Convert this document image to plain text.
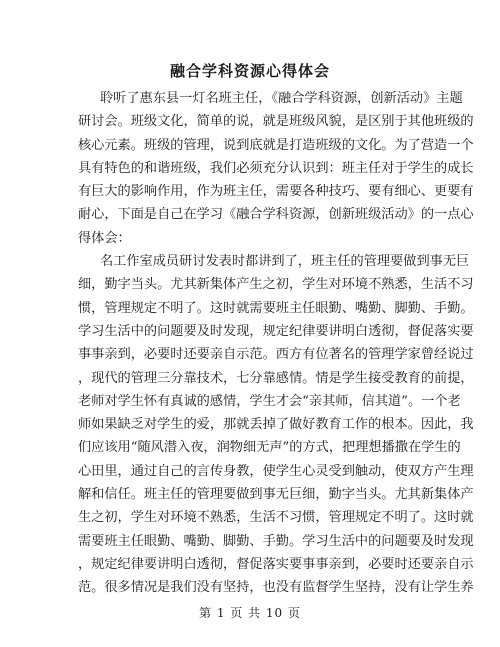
融合学科资源心得体会
聆听了惠东县一灯名班主任，《融合学科资源，创新活动》主题
研讨会。班级文化，简单的说，就是班级风貌，是区别于其他班级的
核心元素。班级的管理，说到底就是打造班级的文化。为了营造一个
具有特色的和谐班级，我们必须充分认识到：班主任对于学生的成长
有巨大的影响作用，作为班主任，需要各种技巧、要有细心、更要有
耐心，下面是自己在学习《融合学科资源，创新班级活动》的一点心
得体会：
名工作室成员研讨发表时都讲到了，班主任的管理要做到事无巨
细，勤字当头。尤其新集体产生之初，学生对环境不熟悉，生活不习
惯，管理规定不明了。这时就需要班主任眼勤、嘴勤、脚勤、手勤。
学习生活中的问题要及时发现，规定纪律要讲明白透彻，督促落实要
事事亲到，必要时还要亲自示范。西方有位著名的管理学家曾经说过
，现代的管理三分靠技术，七分靠感情。情是学生接受教育的前提，
老师对学生怀有真诚的感情，学生才会“亲其师，信其道”。一个老
师如果缺乏对学生的爱，那就丢掉了做好教育工作的根本。因此，我
们应该用“随风潜入夜，润物细无声”的方式，把理想播撒在学生的
心田里，通过自己的言传身教，使学生心灵受到触动，使双方产生理
解和信任。班主任的管理要做到事无巨细，勤字当头。尤其新集体产
生之初，学生对环境不熟悉，生活不习惯，管理规定不明了。这时就
需要班主任眼勤、嘴勤、脚勤、手勤。学习生活中的问题要及时发现
，规定纪律要讲明白透彻，督促落实要事事亲到，必要时还要亲自示
范。很多情况是我们没有坚持，也没有监督学生坚持，没有让学生养
第 1 页 共 10 页
